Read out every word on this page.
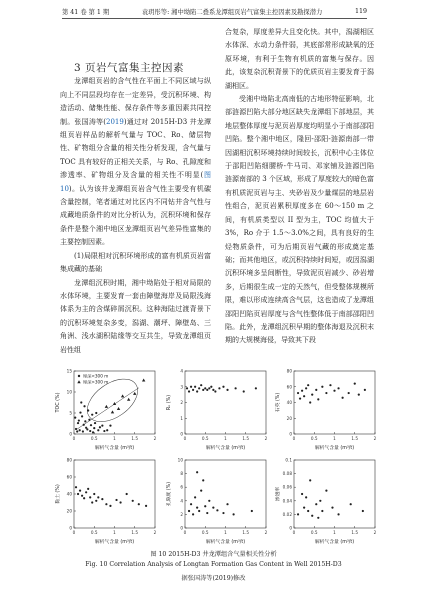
第 41 卷 第 1 期	袁玥彤等: 湘中坳陷二叠系龙潭组页岩气富集主控因素及勘探潜力	119

3 页岩气富集主控因素

龙潭组页岩的含气性在平面上不同区域与纵向上不同层段均存在一定差异，受沉积环境、构造活动、储集性能、保存条件等多重因素共同控制。张国涛等(2019)通过对 2015H-D3 井龙潭组页岩样品的解析气量与 TOC、Ro、储层物性、矿物组分含量的相关性分析发现，含气量与 TOC 具有较好的正相关关系，与 Ro、孔隙度和渗透率、矿物组分及含量的相关性不明显(图 10)。认为该井龙潭组页岩含气性主要受有机碳含量控制，笔者通过对比区内不同钻井含气性与成藏地质条件的对比分析认为，沉积环境和保存条件是整个湘中地区龙潭组页岩气差异性富集的主要控制因素。

(1)局限相对沉积环境形成的富有机质页岩富集成藏的基础

龙潭组沉积时期，湘中坳陷处于相对局限的水体环境，主要发育一套由障壁海岸及局限浅海体系为主的含煤碎屑沉积。这种海陆过渡背景下的沉积环境复杂多变，潟湖、潮坪、障壁岛、三角洲、浅水湖积陆缘等交互共生，导致龙潭组页岩性组

合复杂，厚度差异大且变化快。其中，潟湖相区水体深、水动力条件弱，其底部常形成缺氧的还原环境，有利于生物有机质的富集与保存。因此，该复杂沉积背景下的优质页岩主要发育于潟湖相区。

受湘中坳陷北高南低的古地形特征影响，北部涟源凹陷大部分地区缺失龙潭组下部地层，其地层整体厚度与泥页岩厚度均明显小于南部邵阳凹陷。整个湘中地区，隆回-邵阳-涟源南部一带因湖相沉积环境持续时间较长，沉积中心主体位于邵阳凹陷细腰桥-牛马司、邓家铺及涟源凹陷涟源南部的 3 个区域，形成了厚度较大的暗色富有机质泥页岩与主、夹砂岩及少量煤层的地层岩性组合，泥页岩累积厚度多在 60～150 m 之间，有机质类型以 II 型为主，TOC 均值大于 3%，Ro 介于 1.5～3.0%之间，具有良好的生烃物质条件，可为后期页岩气藏的形成奠定基础；而其他地区，或沉积持续时间短，或因潟湖沉积环境多呈间断性，导致泥页岩减少、砂岩增多，后期很生成一定的天然气，但受整体规模所限，难以形成连续高含气层，这也造成了龙潭组邵阳凹陷页岩厚度与含气性整体低于南部邵阳凹陷。此外，龙潭组沉积早期的整体海退及沉积末期的大规模海侵，导致其下段

0	0.5	1	1.5	2
0
5
10
15
解析气含量 (m³/t)
TOC (%)
埋深<300 m
埋深>300 m
0	0.5	1	1.5	2
0
1
2
3
4
解析气含量 (m³/t)
Rₒ (%)
0	0.5	1	1.5	2
0
20
40
60
80
解析气含量 (m³/t)
石英 (%)
0	0.5	1	1.5	2
0
20
40
60
80
解析气含量 (m³/t)
黏土 (%)
0	0.5	1	1.5	2
0
2
4
6
8
10
解析气含量 (m³/t)
孔隙度 (%)
0	0.5	1	1.5	2
0
0.02
0.04
0.06
0.08
0.1
解析气含量 (m³/t)
渗透率
图 10 2015H-D3 井龙潭组含气量相关性分析
Fig. 10 Correlation Analysis of Longtan Formation Gas Content in Well 2015H-D3
据张国涛等(2019)修改
